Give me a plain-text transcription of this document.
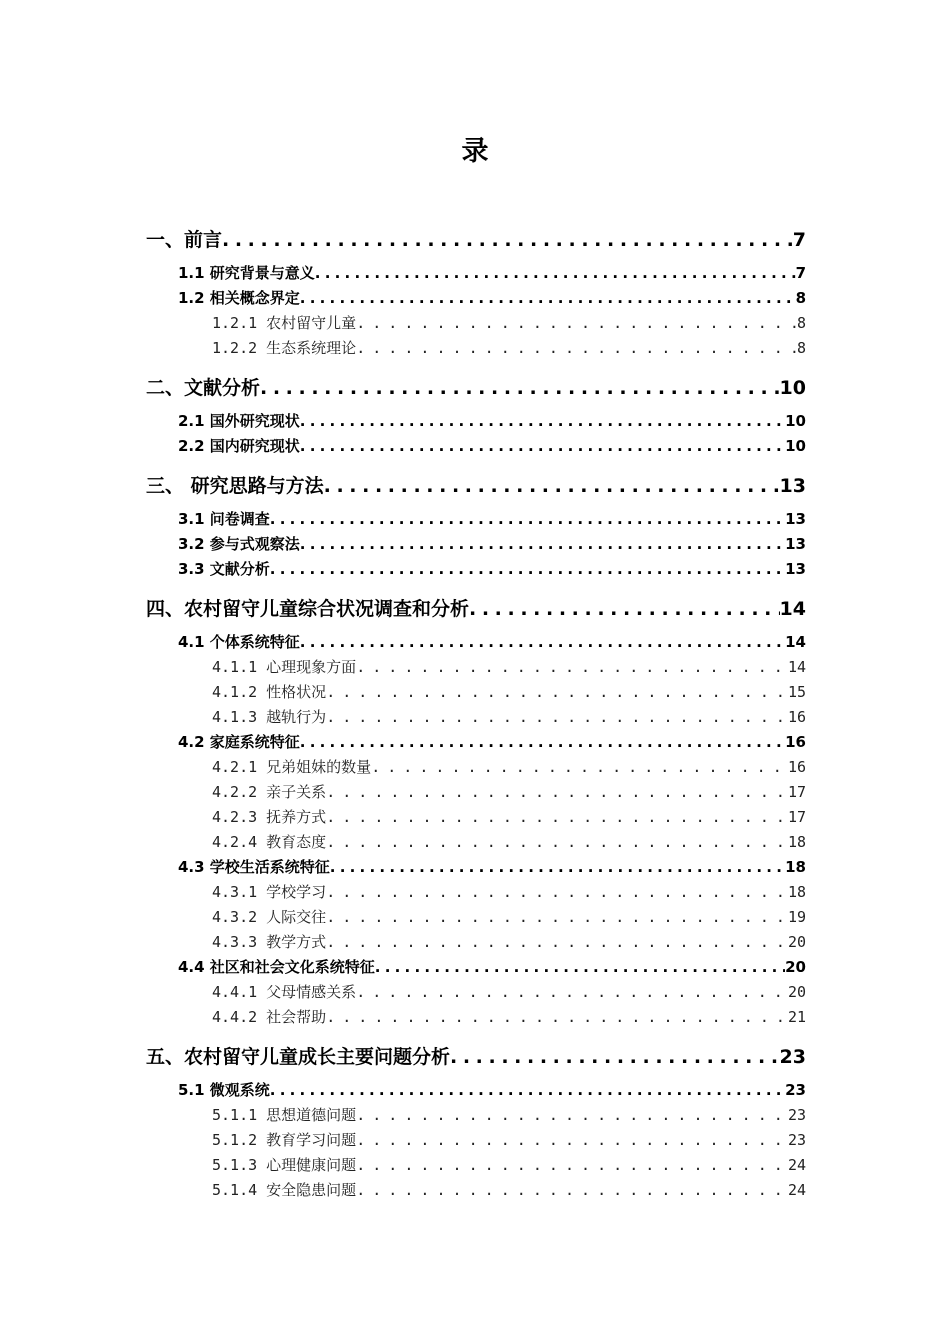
录
一、前言 . . .	7
1.1 研究背景与意义 . . .	7
1.2 相关概念界定 . . .	8
1.2.1 农村留守儿童 . . .	8
1.2.2 生态系统理论 . . .	8
二、文献分析 . . .	10
2.1 国外研究现状 . . .	10
2.2 国内研究现状 . . .	10
三、 研究思路与方法 . . .	13
3.1 问卷调查 . . .	13
3.2 参与式观察法 . . .	13
3.3 文献分析 . . .	13
四、农村留守儿童综合状况调查和分析 . . .	14
4.1 个体系统特征 . . .	14
4.1.1 心理现象方面 . . .	14
4.1.2 性格状况 . . .	15
4.1.3 越轨行为 . . .	16
4.2 家庭系统特征 . . .	16
4.2.1 兄弟姐妹的数量 . . .	16
4.2.2 亲子关系 . . .	17
4.2.3 抚养方式 . . .	17
4.2.4 教育态度 . . .	18
4.3 学校生活系统特征 . . .	18
4.3.1 学校学习 . . .	18
4.3.2 人际交往 . . .	19
4.3.3 教学方式 . . .	20
4.4 社区和社会文化系统特征 . . .	20
4.4.1 父母情感关系 . . .	20
4.4.2 社会帮助 . . .	21
五、农村留守儿童成长主要问题分析 . . .	23
5.1 微观系统 . . .	23
5.1.1 思想道德问题 . . .	23
5.1.2 教育学习问题 . . .	23
5.1.3 心理健康问题 . . .	24
5.1.4 安全隐患问题 . . .	24
